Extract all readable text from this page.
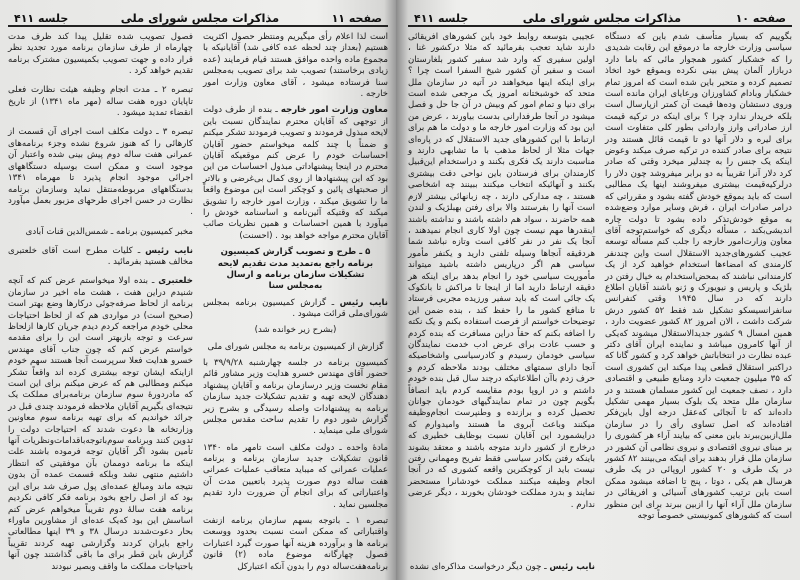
صفحه ۱۱
مذاکرات مجلس شورای ملی
جلسه ۴۱۱

است لذا اعلام رأی میگیریم ومنتظر حصول اکثریت هستیم (بعداز چند لحظه عده کافی شد) آقایانیکه با مجموع ماده واحده موافق هستند قیام فرمایند (عده زیادی برخاستند) تصویب شد برای تصویب به‌مجلس سنا فرستاده میشود ، آقای معاون وزارت امور خارجه .

معاون وزارت امور خارجه ـ بنده از طرف دولت از توجهی که آقایان محترم نمایندگان نسبت باین لایحه مبذول فرمودند و تصویب فرمودند تشکر میکنم و ضمناً با چند کلمه میخواستم حضور آقایان احساسات خودم را عرض کنم موقعیکه آقایان محترم در اینجا پیشنهاداتی مبذول احساسات من این بود که این پیشنهادها از روی کمال بی‌غرضی و بالاتر از صحبتهای پائین و کوچکتر است این موضوع واقعاً ما را تشویق میکند ، وزارت امور خارجه را تشویق میکند که وقتیکه آئین‌نامه و اساسنامه خودش را میآورد با همین احساسات و همین نظریات صائب آقایان محترم مواجه خواهد بود . (احسنت)

۵ ـ طرح و تصویب گزارش کمیسیون برنامه راجع به‌تمدید مدت تقدیم لایحه تشکیلات سازمان برنامه و ارسال به‌مجلس سنا

نایب رئیس ـ گزارش کمیسیون برنامه بمجلس شورای‌ملی قرائت میشود .

(بشرح زیر خوانده شد)

گزارش از کمیسیون برنامه به مجلس شورای ملی

کمیسیون برنامه در جلسه چهارشنبه ۳۹/۹/۲۸ با حضور آقای مهندس خسرو هدایت وزیر مشاور قائم مقام نخست وزیر درسازمان برنامه و آقایان پیشنهاد دهندگان لایحه تهیه و تقدیم تشکیلات جدید سازمان برنامه به پیشنهادات واصله رسیدگی و بشرح زیر گزارش شور دوم را تقدیم ساحت مقدس مجلس شورای ملی مینماید .

مادهٔ واحده ـ دولت مکلف است تامهر ماه ۱۳۴۰ قانون تشکیلات جدید سازمان برنامه و برنامه عملیات عمرانی که میباید متعاقب عملیات عمرانی هفت ساله دوم صورت پذیرد باتعیین مدت آن واعتباراتی که برای انجام آن ضرورت دارد تقدیم مجلسین نماید .

تبصره ۱ ـ باتوجه بسهم سازمان برنامه ازنفت واقتباراتی که ممکن است نسبت بحدود ووسعت برنامه ها و برآورده هزینه آنها صورت گیرد اعتبارات فصول چهارگانه موضوع ماده (۲) قانون برنامه‌هفت‌ساله دوم را بدون آنکه اعتبارکل

فصول تصویب شده تقلیل پیدا کند ظرف مدت چهارماه از طرف سازمان برنامه مورد تجدید نظر قرار داده و جهت تصویب بکمیسیون مشترک برنامه تقدیم خواهد کرد .

تبصره ۲ ـ مدت انجام وظیفه هیئت نظارت فعلی تاپایان دوره هفت ساله (مهر ماه ۱۳۴۱) از تاریخ انقضاء تمدید میشود .

تبصره ۳ ـ دولت مکلف است اجرای آن قسمت از کارهائی را که هنوز شروع نشده وجزء برنامه‌های عمرانی هفت ساله دوم پیش بینی شده واعتبار آن موجود است و ممکن است بوسیله دستگاههای اجرائی موجود انجام پذیرد تا مهرماه ۱۳۴۱ بدستگاههای مربوطه‌منتقل نماید وسازمان برنامه نظارت در حسن اجرای طرحهای مزبور بعمل میآورد .

مخبر کمیسیون برنامه ـ شمس‌الدین قنات آبادی

نایب رئیس ـ کلیات مطرح است آقای خلعتبری مخالف هستید بفرمائید .

خلعتبری ـ بنده اولا میخواستم عرض کنم که آنچه شنیدم دراین هفت ، هشت ماه اخیر در سازمان برنامه از لحاظ صرفه‌جوئی درکارها وضع بهتر است (صحیح است) در مواردی هم که از لحاظ احتیاجات محلی خودم مراجعه کردم دیدم جریان کارها ازلحاظ سرعت و توجه بازبهتر است این را برای مقدمه خواستم عرض کنم که چون جناب آقای مهندس خسرو هدایت فعلا سرپرست آنجا هستند سهم خودم ازاینکه ایشان توجه بیشتری کرده اند واقعاً تشکر میکنم ومطالبی هم که عرض میکنم برای این است که مادردورهٔ سوم سازمان برنامه‌برای مملکت یک نتیجه‌ای بگیریم آقایان ملاحظه فرمودند چندی قبل در جرائد خواندیم که برای تهیه برنامه سوم معاونین وزارتخانه ها دعوت شدند که احتیاجات دولت را تدوین کنند وبرنامه سوم‌باتوجه‌باقدامات‌ونظریات آنها تأمین بشود اگر آقایان توجه فرموده باشند علت اینکه ما برنامه دوممان بآن موفقیتی که انتظار داشتیم منتهی نشد وبلکه قسمت عمده آن بدون نتیجه ماند ومبالغ عمده‌ای پول صرف شد برای این بود که از اصل راجع بخود برنامه فکر کافی نکردیم برنامه هفت سالهٔ دوم تقریباً میخواهم عرض کنم اساسش این بود که‌یک عده‌ای از مشاورین ماوراء بحار دعوت‌شدند درسال ۳۸ و ۳۹ اینها مطالعاتی راجع بایران کردند وگزارشی تهیه کردند تقریباً گزارش باین قطر برای ما باقی گذاشتند چون آنها باحتیاجات مملکت ما واقف وبصیر نبودند

صفحه ۱۰
مذاکرات مجلس شورای ملی
جلسه ۴۱۱

بگوییم که بسیار متأسف شدم باین که دستگاه سیاسی وزارت خارجه ما درموقع این رقابت شدیدی را که خشکبار کشور همجوار مائی که باما دارد دربازار آلمان پیش بینی نکرده وبموقع خود اتخاذ تصمیم کرده و متحیر باین شده است که امروز تمام خشکبار وبادام کشاورزان ورعایای ایران مانده است وروی دستشان وده‌ها قیمت آن کمتر ازپارسال است بلکه خریدار ندارد چرا ؟ برای اینکه در ترکیه قیمت ارز صادراتی وارز وارداتی بطور کلی متفاوت است برای لیره و دلار آنها دو تا قیمت قائل هستند ودر نتیجه برای صادر کننده در ترکیه صرف میکند وعوض اینکه یک جنس را به چندلیر میخرد وقتی که صادر کرد دلار آنرا تقریباً به دو برابر میفروشد چون دلار را درلرکیه‌قیمت بیشتری میفروشند اینها یک مطالبی است که باید بموقع خودش گفته بشود و مقرراتی که درامر صادرات ایران ، فرش وسایر موارد وضع‌شده به موقع خودش‌تذکر داده بشود تا دولت چاره اندیشی‌بکند ، مسأله دیگری که خواستم‌توجه آقای معاون وزارت‌امور خارجه را جلب کنم مسأله توسعه عجیب کشورهای‌جدید الاستقلال است واین چندنفر کارمندی که امضاء‌ها استخدام خواهید کرد از یک کارمندانی نباشند که بمحض‌استخدام به خیال رفتن در بلژیک و پاریس و نیویورک و ژنو باشند آقایان اطلاع دارند که در سال ۱۹۴۵ وقتی کنفرانس سانفرانسیسکو تشکیل شد فقط ۵۲ کشور درش شرکت داشت ، الان امروز ۸۲ کشور عضویت دارد ، همین امسال ۹ کشور جدیدالاستقلال میشوند که‌یکی از آنها کامرون میباشد و نماینده ایران آقای دکتر عبده نظارت در انتخاباتش خواهد کرد و کشور گانا که دراکتبر استقلال قطعی پیدا میکند این کشوری است که ۳۵ میلیون جمعیت دارد ومنابع طبیعی و اقتصادی دارد ، نصف جمعیت این کشور مسلمان هستند و در سازمان ملل متحد یک بلوک بسیار مهمی تشکیل داده‌اند که تا آنجائی که‌عقل درجه اول باین‌فکر افتاده‌اند که اصل تساوی رأی را در سازمان ملل‌ازبین‌ببرند باین معنی که بیایند آراء هر کشوری را بر مبنای نیروی اقتصادی و نیروی نظامی آن کشور در سازمان ملل قرار بدهند برای اینکه می‌بینند ۸۲ کشور در یک طرف و ۲۰ کشور اروپائی در یک طرف هرسال هم یکی ، دوتا ، پنج تا اضافه میشود ممکن است باین ترتیب کشورهای آسیائی و افریقائی در سازمان ملل آراء آنها را ازبین ببرند برای این منظور است که کشورهای کمونیستی خصوصاً توجه

عجیبی بتوسعه روابط خود باین کشورهای افریقائی دارند شاید تعجب بفرمائید که مثلا درکشور غنا ، اولین سفیری که وارد شد سفیر کشور بلغارستان است و سفیر آن کشور شیخ السفرا است چرا ؟ برای اینکه اینها میخواهند در آتیه در سازمان ملل متحد که خوشبختانه امروز یک مرجعی شده است برای دنیا و تمام امور کم وبیش در آن جا حل و فصل میشود در آنجا طرفدارانی بدست بیاورند ، عرض من این بود که وزارت امور خارجه ما و دولت ما هم برای ارتباط با این کشورهای جدید الاستقلال که در پاره‌ای جهات مثلا از لحاظ مذهب با ما تشابهی دارند و مناسبت دارند یک فکری بکنند و دراستخدام این‌قبیل کارمندان برای فرستادن باین نواحی دقت بیشتری بکنند و آنهائیکه انتخاب میکنند ببینند چه اشخاصی هستند ، چه مدارکی دارند ، چه زبانهائی بیشتر لازم است آنها را بفرستند والا برای رفتن بهبلژیک و لندن همه حاضرند ، سواد هم داشته باشند و نداشته باشند اینقدرها مهم نیست چون اولا کاری انجام نمیدهند ، آنجا یک نفر در نفر کافی است وتازه نباشد شما هردقیقه آنجاها وسیله تلفنی دارید و یکنفر مأمور سیاسی هم اگر درپاریس داشته باشید میتواند مأموریت سیاسی خود را انجام بدهد برای اینکه هر دقیقه ارتباط دارید اما از اینجا تا مراکش تا بانکوک یک جائی است که باید سفیر ورزیده مجربی فرستاد تا منافع کشور ما را حفظ کند ، بنده ضمن این توضیحات خواستم از فرصت استفاده بکنم و یک نکته را اضافه بکنم که حقاً دراین مسافرت که بنده کردم و حسب عادت برای عرض ادب خدمت نمایندگان سیاسی خودمان رسیدم و کادرسیاسی واشخاصیکه آنجا دارای سمتهای مختلف بودند ملاحظه کردم و حرف زدم باآن اطلاعاتیکه درچند سال قبل بنده خودم داشتم و در اروپا بودم مقایسه کردم باید انصافاً بگویم چون در تمام نمایندگیهای خودمان جوانان تحصیل کرده و برازنده و وطنپرست انجام‌وظیفه میکنند وباعث آبروی ما هستند وامیدوارم که درایشمورد این آقایان نسبت بوظایف خطیری که درخارج از کشور دارند متوجه باشند و معتقد بشوند باینکه رفتن بکادر سیاسی فقط تفریح ومهمانی رفتن نیست باید از کوچکترین واقعه کشوری که در آنجا انجام وظیفه میکنند مملکت خودشانرا مستحضر نمایند و بدرد مملکت خودشان بخورند ، دیگر عرضی ندارم .

نایب رئیس ـ چون دیگر درخواست مذاکره‌ای نشده
